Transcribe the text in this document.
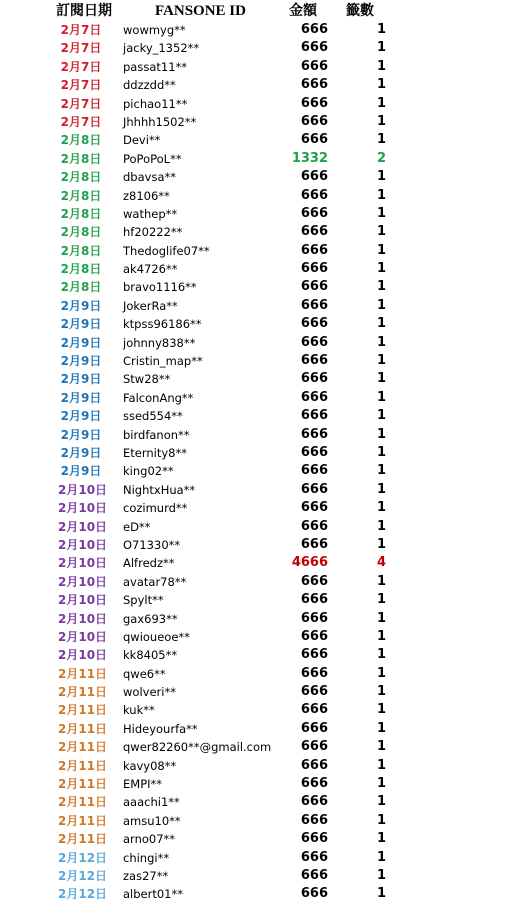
訂閱日期	FANSONE ID	金額	籤數
2月7日 wowmyg**	666	1
2月7日 jacky_1352**	666	1
2月7日 passat11**	666	1
2月7日 ddzzdd**	666	1
2月7日 pichao11**	666	1
2月7日 Jhhhh1502**	666	1
2月8日 Devi**	666	1
2月8日 PoPoPoL**	1332	2
2月8日 dbavsa**	666	1
2月8日 z8106**	666	1
2月8日 wathep**	666	1
2月8日 hf20222**	666	1
2月8日 Thedoglife07**	666	1
2月8日 ak4726**	666	1
2月8日 bravo1116**	666	1
2月9日 JokerRa**	666	1
2月9日 ktpss96186**	666	1
2月9日 johnny838**	666	1
2月9日 Cristin_map**	666	1
2月9日 Stw28**	666	1
2月9日 FalconAng**	666	1
2月9日 ssed554**	666	1
2月9日 birdfanon**	666	1
2月9日 Eternity8**	666	1
2月9日 king02**	666	1
2月10日 NightxHua**	666	1
2月10日 cozimurd**	666	1
2月10日 eD**	666	1
2月10日 O71330**	666	1
2月10日 Alfredz**	4666	4
2月10日 avatar78**	666	1
2月10日 Spylt**	666	1
2月10日 gax693**	666	1
2月10日 qwioueoe**	666	1
2月10日 kk8405**	666	1
2月11日 qwe6**	666	1
2月11日 wolveri**	666	1
2月11日 kuk**	666	1
2月11日 Hideyourfa**	666	1
2月11日 qwer82260**@gmail.com	666	1
2月11日 kavy08**	666	1
2月11日 EMPI**	666	1
2月11日 aaachi1**	666	1
2月11日 amsu10**	666	1
2月11日 arno07**	666	1
2月12日 chingi**	666	1
2月12日 zas27**	666	1
2月12日 albert01**	666	1
